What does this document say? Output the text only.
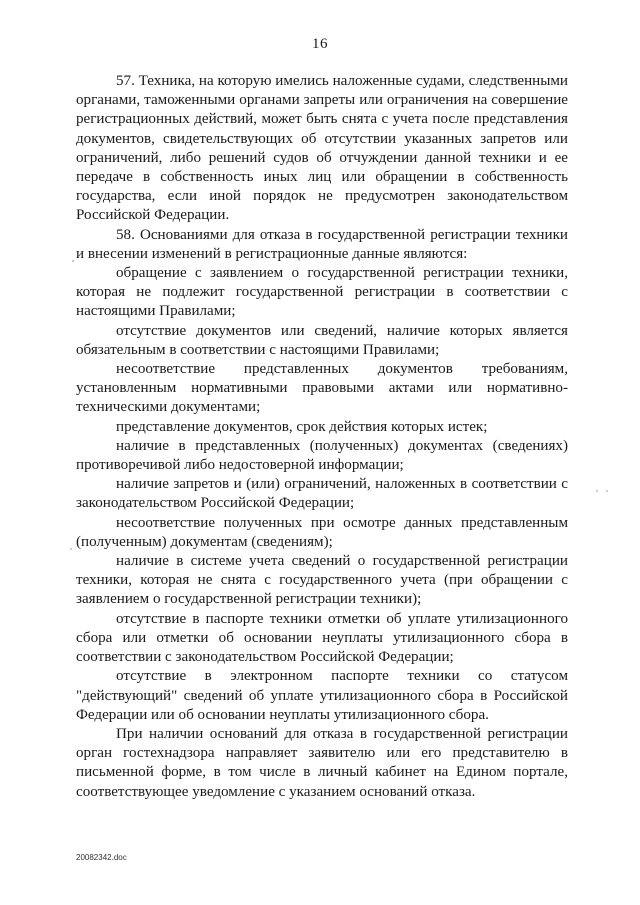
16

57. Техника, на которую имелись наложенные судами, следственными органами, таможенными органами запреты или ограничения на совершение регистрационных действий, может быть снята с учета после представления документов, свидетельствующих об отсутствии указанных запретов или ограничений, либо решений судов об отчуждении данной техники и ее передаче в собственность иных лиц или обращении в собственность государства, если иной порядок не предусмотрен законодательством Российской Федерации.

58. Основаниями для отказа в государственной регистрации техники и внесении изменений в регистрационные данные являются:

обращение с заявлением о государственной регистрации техники, которая не подлежит государственной регистрации в соответствии с настоящими Правилами;

отсутствие документов или сведений, наличие которых является обязательным в соответствии с настоящими Правилами;

несоответствие представленных документов требованиям, установленным нормативными правовыми актами или нормативно-техническими документами;

представление документов, срок действия которых истек;

наличие в представленных (полученных) документах (сведениях) противоречивой либо недостоверной информации;

наличие запретов и (или) ограничений, наложенных в соответствии с законодательством Российской Федерации;

несоответствие полученных при осмотре данных представленным (полученным) документам (сведениям);

наличие в системе учета сведений о государственной регистрации техники, которая не снята с государственного учета (при обращении с заявлением о государственной регистрации техники);

отсутствие в паспорте техники отметки об уплате утилизационного сбора или отметки об основании неуплаты утилизационного сбора в соответствии с законодательством Российской Федерации;

отсутствие в электронном паспорте техники со статусом "действующий" сведений об уплате утилизационного сбора в Российской Федерации или об основании неуплаты утилизационного сбора.

При наличии оснований для отказа в государственной регистрации орган гостехнадзора направляет заявителю или его представителю в письменной форме, в том числе в личный кабинет на Едином портале, соответствующее уведомление с указанием оснований отказа.

20082342.doc
